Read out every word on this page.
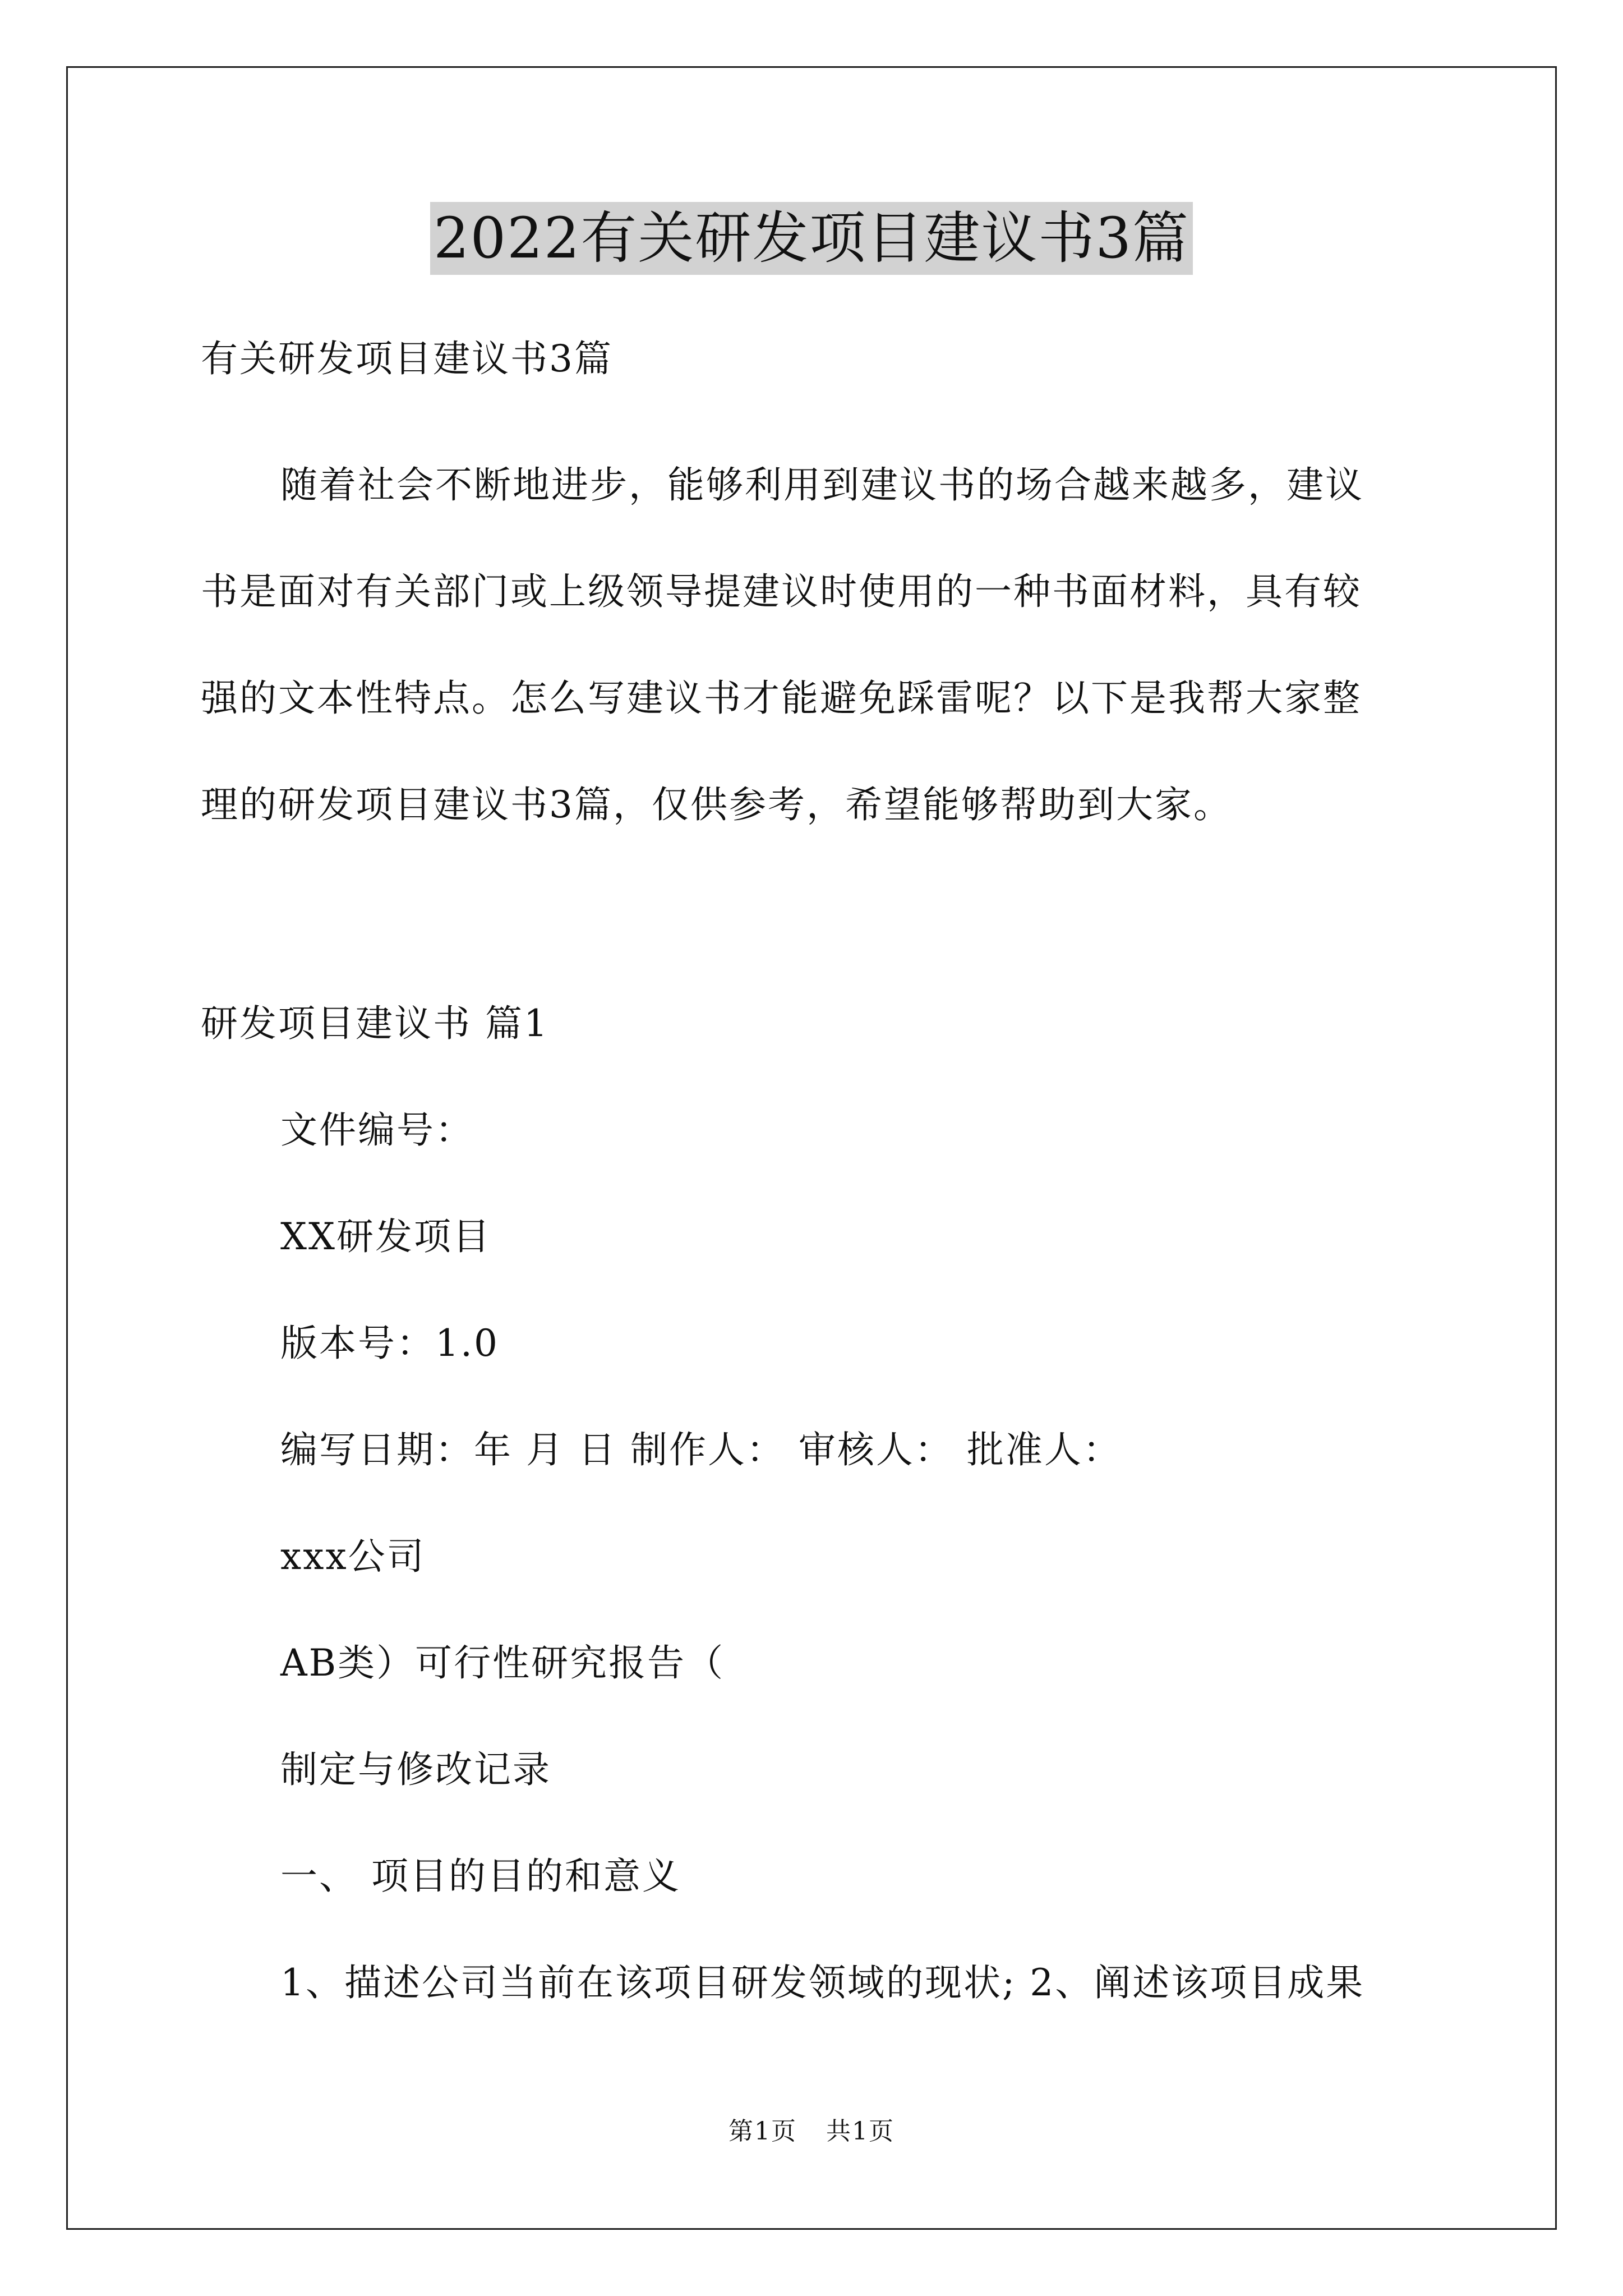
2022有关研发项目建议书3篇
有关研发项目建议书3篇
随着社会不断地进步，能够利用到建议书的场合越来越多，建议
书是面对有关部门或上级领导提建议时使用的一种书面材料，具有较
强的文本性特点。怎么写建议书才能避免踩雷呢？以下是我帮大家整
理的研发项目建议书3篇，仅供参考，希望能够帮助到大家。
研发项目建议书 篇1
文件编号：
XX研发项目
版本号：1.0
编写日期：年 月 日 制作人： 审核人： 批准人：
xxx公司
AB类）可行性研究报告（
制定与修改记录
一、 项目的目的和意义
1、描述公司当前在该项目研发领域的现状; 2、阐述该项目成果
第1页 共1页
